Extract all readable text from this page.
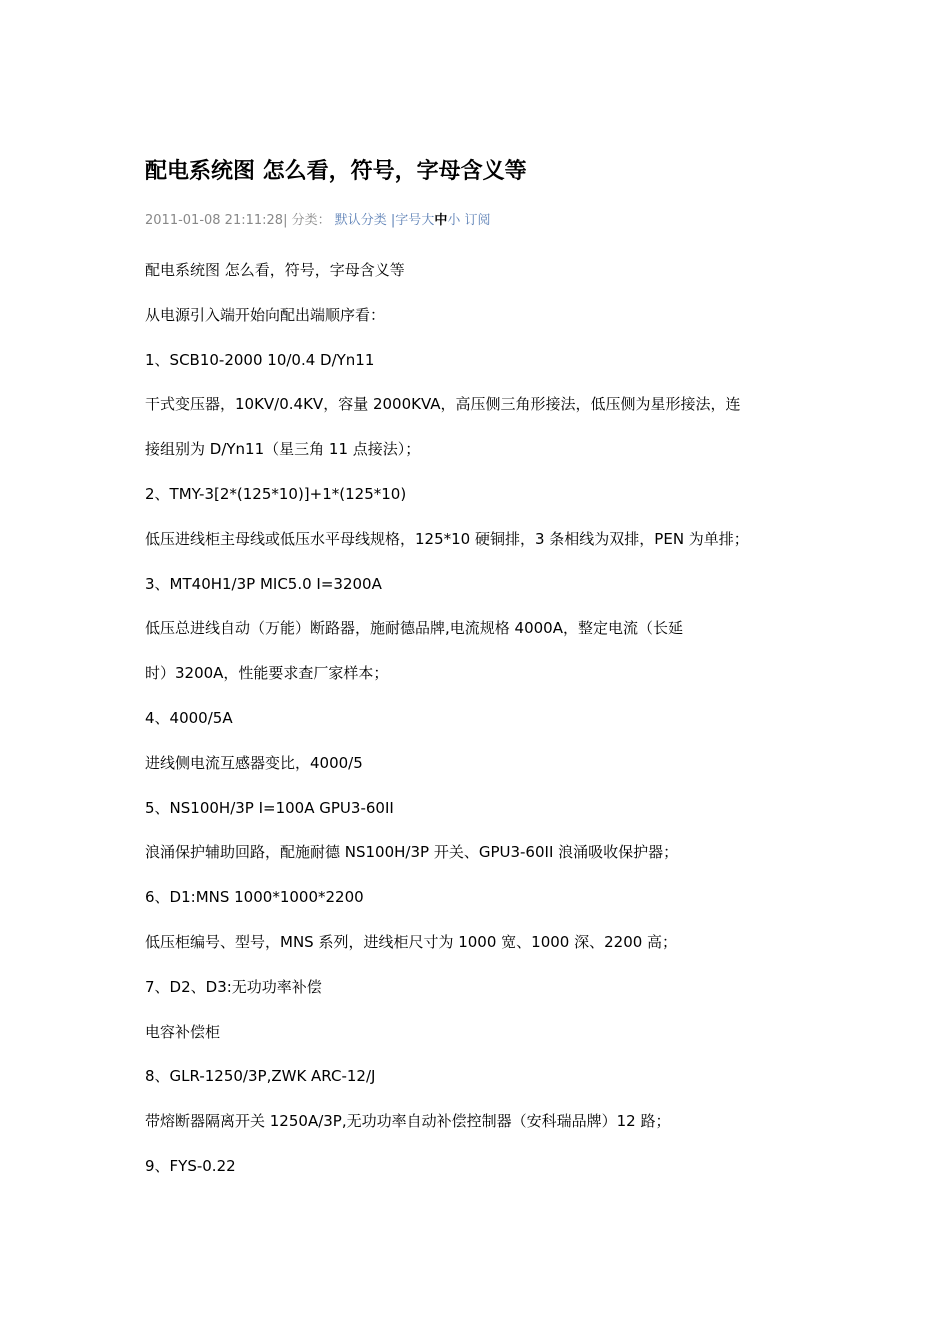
配电系统图 怎么看，符号，字母含义等
2011-01-08 21:11:28| 分类： 默认分类 |字号大中小 订阅

配电系统图 怎么看，符号，字母含义等

从电源引入端开始向配出端顺序看：

1、SCB10-2000 10/0.4 D/Yn11

干式变压器，10KV/0.4KV，容量 2000KVA，高压侧三角形接法，低压侧为星形接法，连

接组别为 D/Yn11（星三角 11 点接法）；

2、TMY-3[2*(125*10)]+1*(125*10)

低压进线柜主母线或低压水平母线规格，125*10 硬铜排，3 条相线为双排，PEN 为单排；

3、MT40H1/3P MIC5.0 I=3200A

低压总进线自动（万能）断路器，施耐德品牌,电流规格 4000A，整定电流（长延

时）3200A，性能要求查厂家样本；

4、4000/5A

进线侧电流互感器变比，4000/5

5、NS100H/3P I=100A GPU3-60II

浪涌保护辅助回路，配施耐德 NS100H/3P 开关、GPU3-60II 浪涌吸收保护器；

6、D1:MNS 1000*1000*2200

低压柜编号、型号，MNS 系列，进线柜尺寸为 1000 宽、1000 深、2200 高；

7、D2、D3:无功功率补偿

电容补偿柜

8、GLR-1250/3P,ZWK ARC-12/J

带熔断器隔离开关 1250A/3P,无功功率自动补偿控制器（安科瑞品牌）12 路；

9、FYS-0.22
